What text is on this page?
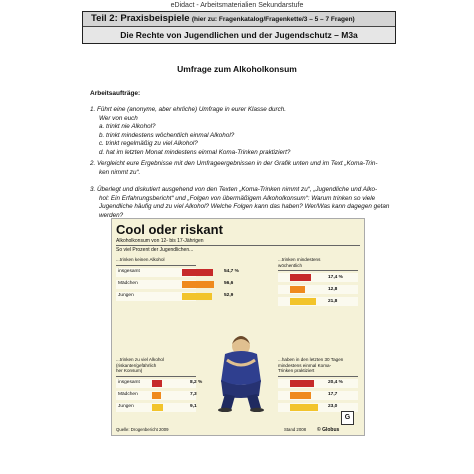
eDidact - Arbeitsmaterialien Sekundarstufe
Teil 2: Praxisbeispiele (hier zu: Fragenkatalog/Fragenkette/3 – 5 – 7 Fragen)
Die Rechte von Jugendlichen und der Jugendschutz – M3a
Umfrage zum Alkoholkonsum
Arbeitsaufträge:

1. Führt eine (anonyme, aber ehrliche) Umfrage in eurer Klasse durch.

Wer von euch

a. trinkt nie Alkohol?

b. trinkt mindestens wöchentlich einmal Alkohol?

c. trinkt regelmäßig zu viel Alkohol?

d. hat im letzten Monat mindestens einmal Koma-Trinken praktiziert?

2. Vergleicht eure Ergebnisse mit den Umfrageergebnissen in der Grafik unten und im Text „Koma-Trin-

ken nimmt zu“.

3. Überlegt und diskutiert ausgehend von den Texten „Koma-Trinken nimmt zu“, „Jugendliche und Alko-

hol: Ein Erfahrungsbericht“ und „Folgen von übermäßigem Alkoholkonsum“: Warum trinken so viele

Jugendliche häufig und zu viel Alkohol? Welche Folgen kann das haben? Wer/Was kann dagegen getan

werden?

Cool oder riskant
Alkoholkonsum von 12- bis 17-Jährigen
So viel Prozent der Jugendlichen...
...trinken keinen Alkohol
insgesamt	54,7 %
Mädchen	56,6
Jungen	52,9
...trinken mindestens
wöchentlich
17,4 %
12,8
21,8
...trinken zu viel Alkohol
(riskanter/gefährlich
her Konsum)
insgesamt	8,2 %
Mädchen	7,3
Jungen	9,1
...haben in den letzten 30 Tagen
mindestens einmal Koma-
Trinken praktiziert
20,4 %
17,7
23,0
Quelle: Drogenbericht 2009	Stand 2008 © Globus
G
